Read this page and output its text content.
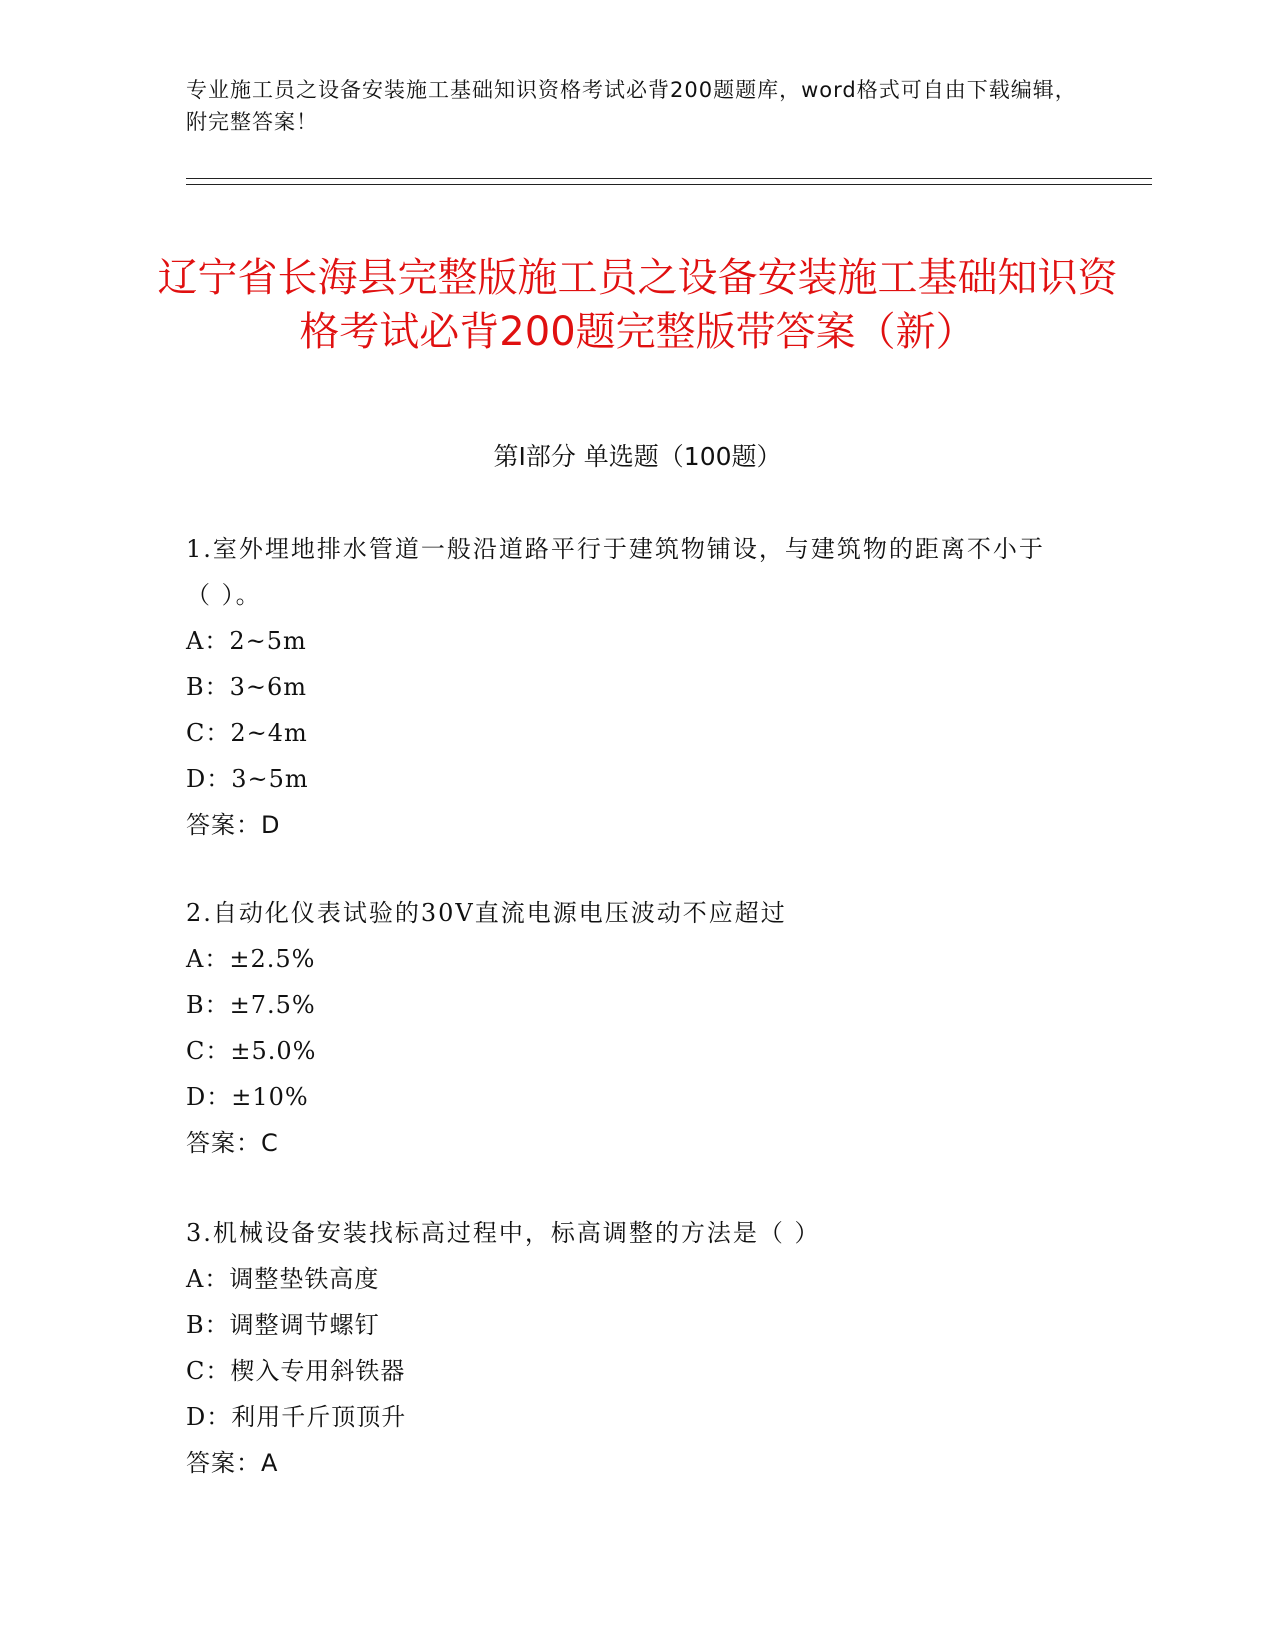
专业施工员之设备安装施工基础知识资格考试必背200题题库，word格式可自由下载编辑，附完整答案！
辽宁省长海县完整版施工员之设备安装施工基础知识资格考试必背200题完整版带答案（新）
第Ⅰ部分 单选题（100题）
1.室外埋地排水管道一般沿道路平行于建筑物铺设，与建筑物的距离不小于（ ）。
A：2~5m
B：3~6m
C：2~4m
D：3~5m
答案：D
2.自动化仪表试验的30V直流电源电压波动不应超过
A：±2.5%
B：±7.5%
C：±5.0%
D：±10%
答案：C
3.机械设备安装找标高过程中，标高调整的方法是（ ）
A：调整垫铁高度
B：调整调节螺钉
C：楔入专用斜铁器
D：利用千斤顶顶升
答案：A
